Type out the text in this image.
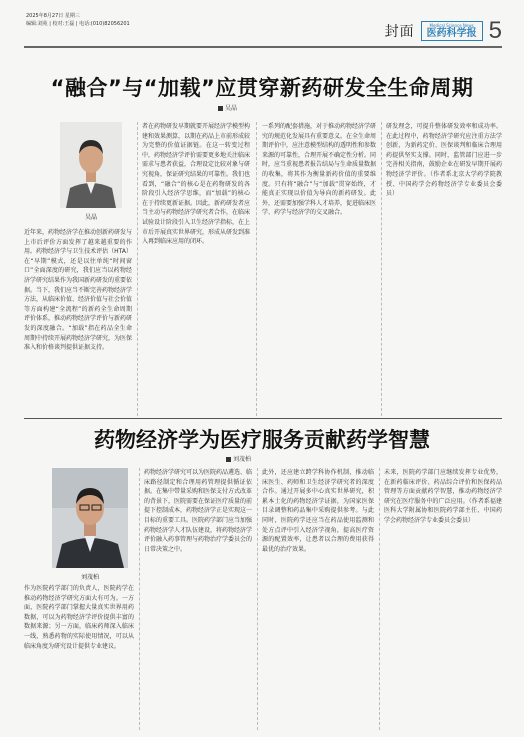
2025年8月27日 星期三
编辑:刘苑 | 校对:王磊 | 电话:(010)82056201	封面	Medical Science News
医药科学报 5
“融合”与“加载”应贯穿新药研发全生命周期
吴晶
吴晶
近年来，药物经济学在推动创新药研发与上市后评价方面发挥了越来越重要的作用。药物经济学与卫生技术评估（HTA）在“早期”模式，还是以往单纯“时间窗口”全面深度的研究，我们应当以药物经济学研究结果作为我国新药研发的重要依据。当下，我们应当不断完善药物经济学方法，从临床价值、经济价值与社会价值等方面构建“全流程”的新药全生命周期评价体系，推动药物经济学评价与新药研发的深度融合。“加载”指在药品全生命周期中持续开展药物经济学研究，为医保准入和价格谈判提供证据支持。
者在药物研发早期就要开展经济学模型构建和效果测算，以期在药品上市前形成较为完整的价值证据链。在这一转变过程中，药物经济学评价需要更多地关注临床需求与患者获益，合理设定比较对象与研究视角，保证研究结果的可靠性。我们也看到，“融合”的核心是在药物研发的各阶段引入经济学思维，而“加载”的核心在于持续更新证据。因此，新药研发者应当主动与药物经济学研究者合作，在临床试验设计阶段引入卫生经济学指标，在上市后开展真实世界研究，形成从研发到准入再到临床应用的闭环。
一系列的配套措施，对于推动药物经济学研究的规范化发展具有重要意义。在全生命周期评价中，应注意模型结构的透明性和参数来源的可靠性，合理开展不确定性分析。同时，应当重视患者报告结局与生命质量数据的收集，将其作为衡量新药价值的重要维度。只有将“融合”与“加载”贯穿始终，才能真正实现以价值为导向的新药研发。此外，还需要加强学科人才培养，促进临床医学、药学与经济学的交叉融合。
研发理念，可提升整体研发效率和成功率。在此过程中，药物经济学研究应注重方法学创新，为新药定价、医保谈判和临床合理用药提供坚实支撑。同时，监管部门应进一步完善相关指南，鼓励企业在研发早期开展药物经济学评价。（作者系北京大学药学院教授、中国药学会药物经济学专业委员会委员）
药物经济学为医疗服务贡献药学智慧
刘茂柏
刘茂柏
作为医院药学部门的负责人，医院药学在推动药物经济学研究方面大有可为。一方面，医院药学部门掌握大量真实世界用药数据，可以为药物经济学评价提供丰富的数据来源；另一方面，临床药师深入临床一线，熟悉药物的实际使用情况，可以从临床角度为研究设计提供专业建议。
药物经济学研究可以为医院药品遴选、临床路径制定和合理用药管理提供循证依据。在集中带量采购和医保支付方式改革的背景下，医院需要在保证医疗质量的前提下控制成本，药物经济学正是实现这一目标的重要工具。医院药学部门应当加强药物经济学人才队伍建设，将药物经济学评价融入药事管理与药物治疗学委员会的日常决策之中。
此外，还应建立跨学科协作机制，推动临床医生、药师和卫生经济学研究者的深度合作。通过开展多中心真实世界研究，积累本土化的药物经济学证据，为国家医保目录调整和药品集中采购提供参考。与此同时，医院药学还应当在药品使用监测和处方点评中引入经济学视角，提高医疗资源的配置效率，让患者以合理的费用获得最优的治疗效果。
未来，医院药学部门应继续发挥专业优势，在新药临床评价、药品综合评价和医保药品管理等方面贡献药学智慧，推动药物经济学研究在医疗服务中的广泛应用。（作者系福建医科大学附属协和医院药学部主任、中国药学会药物经济学专业委员会委员）
